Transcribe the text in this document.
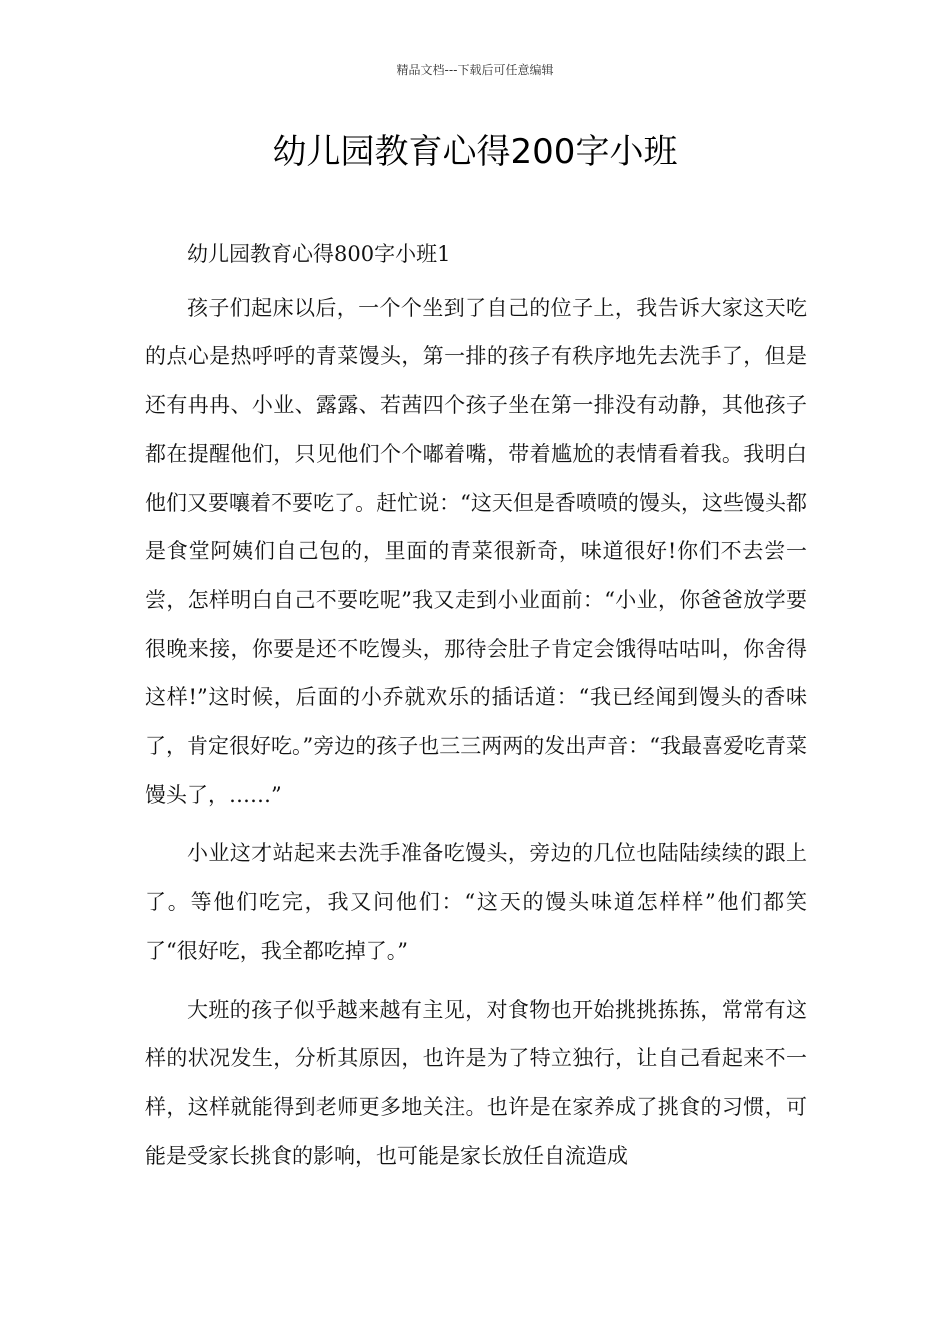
精品文档---下载后可任意编辑
幼儿园教育心得200字小班

幼儿园教育心得800字小班1

孩子们起床以后，一个个坐到了自己的位子上，我告诉大家这天吃的点心是热呼呼的青菜馒头，第一排的孩子有秩序地先去洗手了，但是还有冉冉、小业、露露、若茜四个孩子坐在第一排没有动静，其他孩子都在提醒他们，只见他们个个嘟着嘴，带着尴尬的表情看着我。我明白他们又要嚷着不要吃了。赶忙说：“这天但是香喷喷的馒头，这些馒头都是食堂阿姨们自己包的，里面的青菜很新奇，味道很好!你们不去尝一尝，怎样明白自己不要吃呢”我又走到小业面前：“小业，你爸爸放学要很晚来接，你要是还不吃馒头，那待会肚子肯定会饿得咕咕叫，你舍得这样!”这时候，后面的小乔就欢乐的插话道：“我已经闻到馒头的香味了，肯定很好吃。”旁边的孩子也三三两两的发出声音：“我最喜爱吃青菜馒头了，……”

小业这才站起来去洗手准备吃馒头，旁边的几位也陆陆续续的跟上了。等他们吃完，我又问他们：“这天的馒头味道怎样样”他们都笑了“很好吃，我全都吃掉了。”

大班的孩子似乎越来越有主见，对食物也开始挑挑拣拣，常常有这样的状况发生，分析其原因，也许是为了特立独行，让自己看起来不一样，这样就能得到老师更多地关注。也许是在家养成了挑食的习惯，可能是受家长挑食的影响，也可能是家长放任自流造成
